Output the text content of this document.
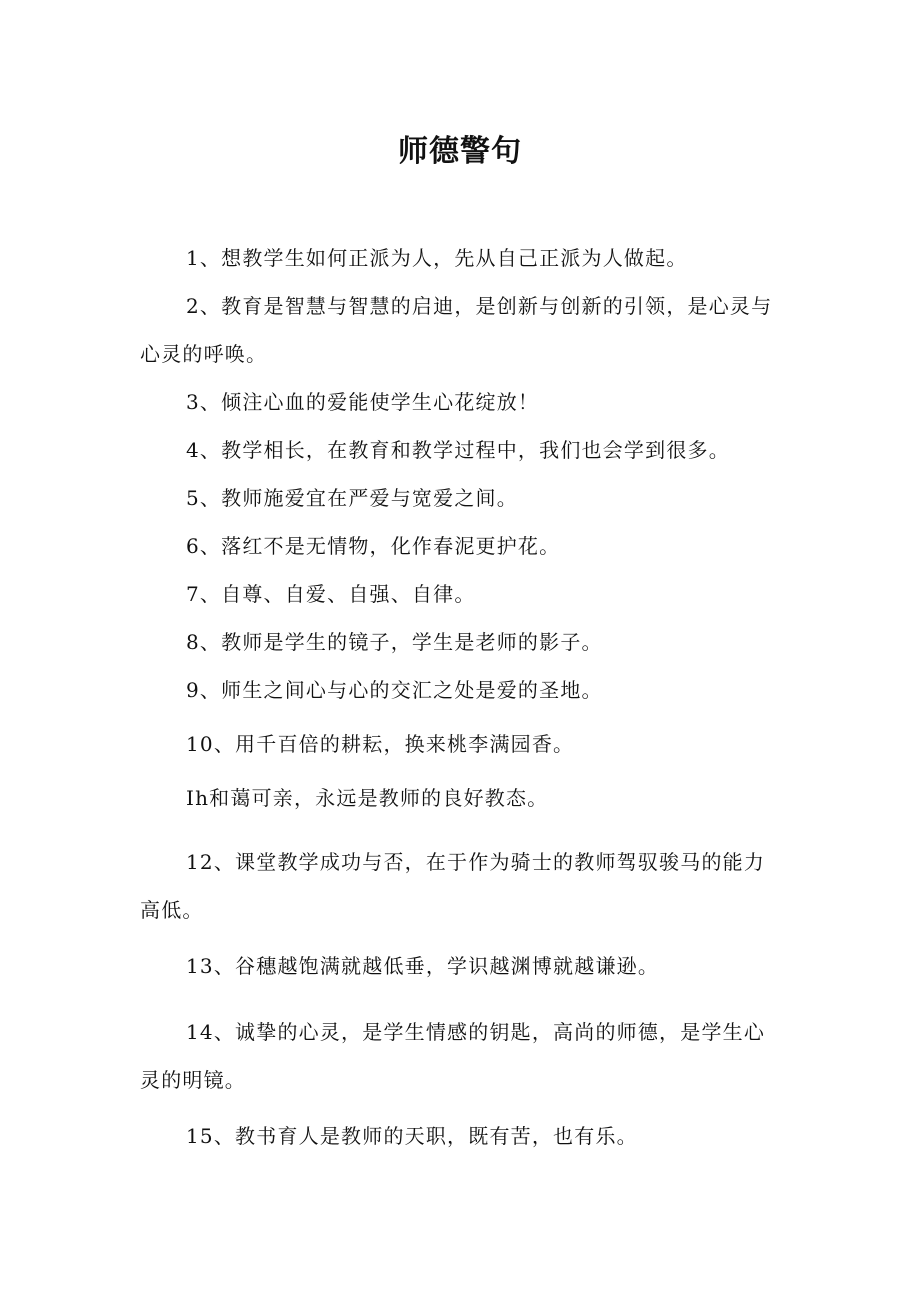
师德警句

1、想教学生如何正派为人，先从自己正派为人做起。

2、教育是智慧与智慧的启迪，是创新与创新的引领，是心灵与心灵的呼唤。

3、倾注心血的爱能使学生心花绽放！

4、教学相长，在教育和教学过程中，我们也会学到很多。

5、教师施爱宜在严爱与宽爱之间。

6、落红不是无情物，化作春泥更护花。

7、自尊、自爱、自强、自律。

8、教师是学生的镜子，学生是老师的影子。

9、师生之间心与心的交汇之处是爱的圣地。

10、用千百倍的耕耘，换来桃李满园香。

Ih和蔼可亲，永远是教师的良好教态。

12、课堂教学成功与否，在于作为骑士的教师驾驭骏马的能力高低。

13、谷穗越饱满就越低垂，学识越渊博就越谦逊。

14、诚挚的心灵，是学生情感的钥匙，高尚的师德，是学生心灵的明镜。

15、教书育人是教师的天职，既有苦，也有乐。
